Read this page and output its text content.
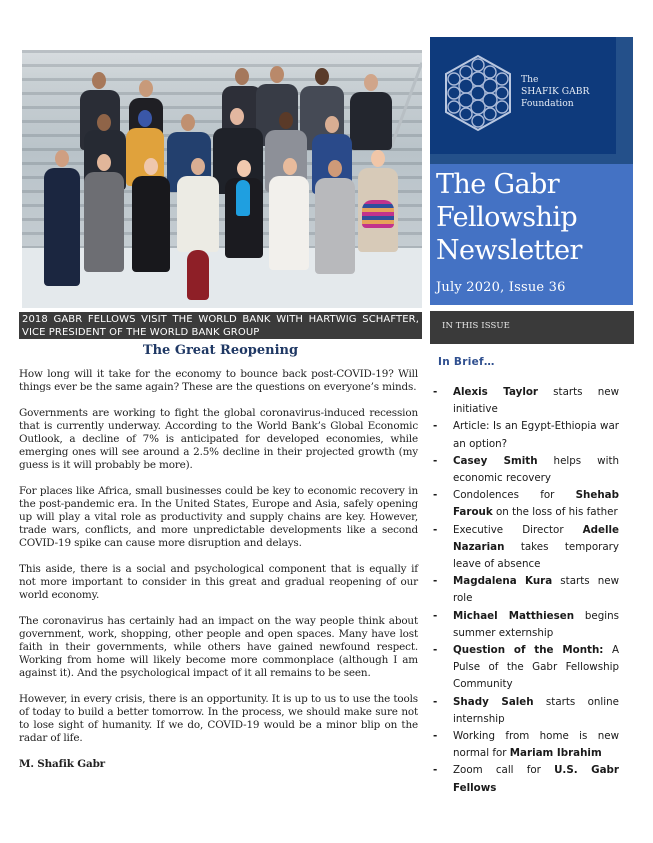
2018 GABR FELLOWS VISIT THE WORLD BANK WITH HARTWIG SCHAFTER, VICE PRESIDENT OF THE WORLD BANK GROUP
The Great Reopening

How long will it take for the economy to bounce back post-COVID-19? Will things ever be the same again? These are the questions on everyone’s minds.

Governments are working to fight the global coronavirus-induced recession that is currently underway. According to the World Bank’s Global Economic Outlook, a decline of 7% is anticipated for developed economies, while emerging ones will see around a 2.5% decline in their projected growth (my guess is it will probably be more).

For places like Africa, small businesses could be key to economic recovery in the post-pandemic era. In the United States, Europe and Asia, safely opening up will play a vital role as productivity and supply chains are key. However, trade wars, conflicts, and more unpredictable developments like a second COVID-19 spike can cause more disruption and delays.

This aside, there is a social and psychological component that is equally if not more important to consider in this great and gradual reopening of our world economy.

The coronavirus has certainly had an impact on the way people think about government, work, shopping, other people and open spaces. Many have lost faith in their governments, while others have gained newfound respect. Working from home will likely become more commonplace (although I am against it). And the psychological impact of it all remains to be seen.

However, in every crisis, there is an opportunity. It is up to us to use the tools of today to build a better tomorrow. In the process, we should make sure not to lose sight of humanity. If we do, COVID-19 would be a minor blip on the radar of life.

M. Shafik Gabr

The
SHAFIK GABR
Foundation
The Gabr
Fellowship
Newsletter
July 2020, Issue 36
IN THIS ISSUE
In Brief…
- Alexis Taylor starts new initiative
- Article: Is an Egypt-Ethiopia war an option?
- Casey Smith helps with economic recovery
- Condolences for Shehab Farouk on the loss of his father
- Executive Director Adelle Nazarian takes temporary leave of absence
- Magdalena Kura starts new role
- Michael Matthiesen begins summer externship
- Question of the Month: A Pulse of the Gabr Fellowship Community
- Shady Saleh starts online internship
- Working from home is new normal for Mariam Ibrahim
- Zoom call for U.S. Gabr Fellows
